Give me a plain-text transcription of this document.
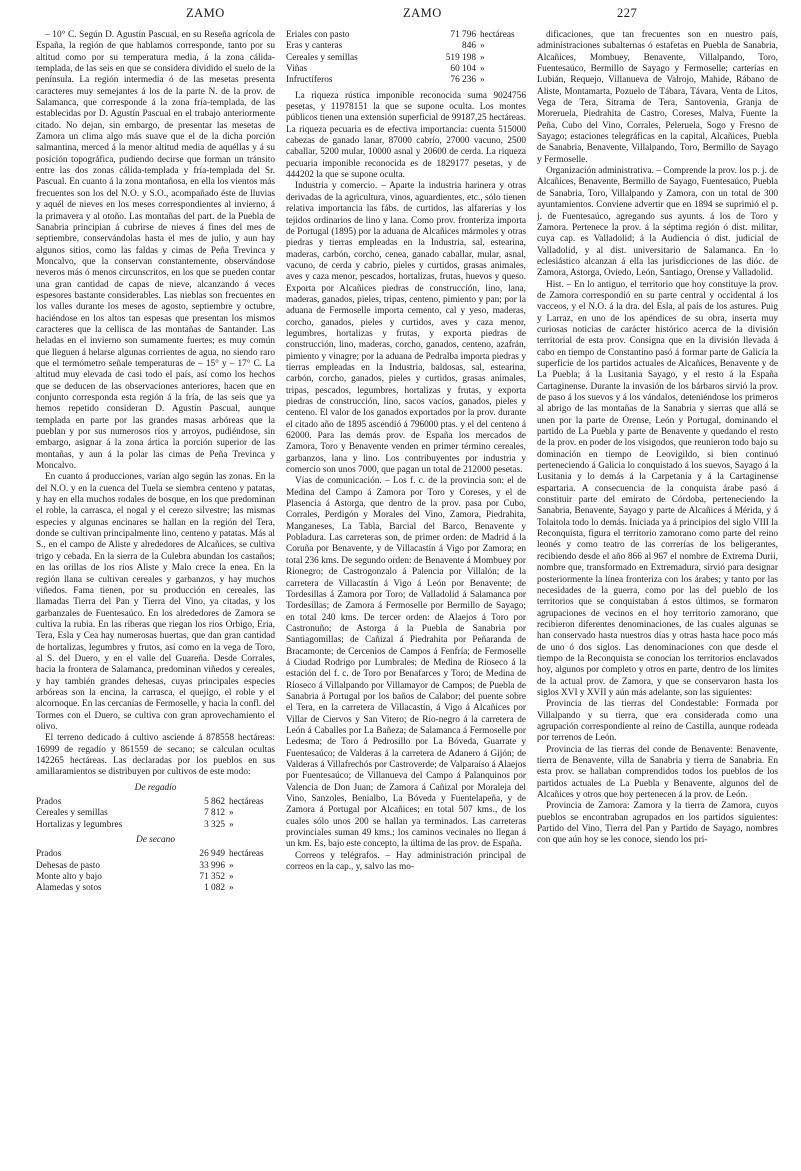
ZAMO	ZAMO	227

– 10° C. Según D. Agustín Pascual, en su Reseña agrícola de España, la región de que hablamos corresponde, tanto por su altitud como por su temperatura media, á la zona cálida-templada, de las seis en que se considera dividido el suelo de la península. La región intermedia ó de las mesetas presenta caracteres muy semejantes á los de la parte N. de la prov. de Salamanca, que corresponde á la zona fría-templada, de las establecidas por D. Agustín Pascual en el trabajo anteriormente citado. No dejan, sin embargo, de presentar las mesetas de Zamora un clima algo más suave que el de la dicha porción salmantina, merced á la menor altitud media de aquéllas y á su posición topográfica, pudiendo decirse que forman un tránsito entre las dos zonas cálida-templada y fría-templada del Sr. Pascual. En cuanto á la zona montañosa, en ella los vientos más frecuentes son los del N.O. y S.O., acompañado éste de lluvias y aquél de nieves en los meses correspondientes al invierno, á la primavera y al otoño. Las montañas del part. de la Puebla de Sanabria principian á cubrirse de nieves á fines del mes de septiembre, conservándolas hasta el mes de julio, y aun hay algunos sitios, como las faldas y cimas de Peña Trevinca y Moncalvo, que la conservan constantemente, observándose neveros más ó menos circunscritos, en los que se pueden contar una gran cantidad de capas de nieve, alcanzando á veces espesores bastante considerables. Las nieblas son frecuentes en los valles durante los meses de agosto, septiembre y octubre, haciéndose en los altos tan espesas que presentan los mismos caracteres que la cellisca de las montañas de Santander. Las heladas en el invierno son sumamente fuertes; es muy común que lleguen á helarse algunas corrientes de agua, no siendo raro que el termómetro señale temperaturas de – 15° y – 17° C. La altitud muy elevada de casi todo el país, así como los hechos que se deducen de las observaciones anteriores, hacen que en conjunto corresponda esta región á la fría, de las seis que ya hemos repetido consideran D. Agustín Pascual, aunque templada en parte por las grandes masas arbóreas que la pueblan y por sus numerosos ríos y arroyos, pudiéndose, sin embargo, asignar á la zona ártica la porción superior de las montañas, y aun á la polar las cimas de Peña Trevinca y Moncalvo.

En cuanto á producciones, varían algo según las zonas. En la del N.O. y en la cuenca del Tuela se siembra centeno y patatas, y hay en ella muchos rodales de bosque, en los que predominan el roble, la carrasca, el nogal y el cerezo silvestre; las mismas especies y algunas encinares se hallan en la región del Tera, donde se cultivan principalmente lino, centeno y patatas. Más al S., en el campo de Aliste y alrededores de Alcañices, se cultiva trigo y cebada. En la sierra de la Culebra abundan los castaños; en las orillas de los ríos Aliste y Malo crece la enea. En la región llana se cultivan cereales y garbanzos, y hay muchos viñedos. Fama tienen, por su producción en cereales, las llamadas Tierra del Pan y Tierra del Vino, ya citadas, y los garbanzales de Fuentesaúco. En los alrededores de Zamora se cultiva la rubia. En las riberas que riegan los ríos Orbigo, Eria, Tera, Esla y Cea hay numerosas huertas, que dan gran cantidad de hortalizas, legumbres y frutos, así como en la vega de Toro, al S. del Duero, y en el valle del Guareña. Desde Corrales, hacia la frontera de Salamanca, predominan viñedos y cereales, y hay también grandes dehesas, cuyas principales especies arbóreas son la encina, la carrasca, el quejigo, el roble y el alcornoque. En las cercanías de Fermoselle, y hacia la confl. del Tormes con el Duero, se cultiva con gran aprovechamiento el olivo.

El terreno dedicado á cultivo asciende á 878558 hectáreas: 16999 de regadío y 861559 de secano; se calculan ocultas 142265 hectáreas. Las declaradas por los pueblos en sus amillaramientos se distribuyen por cultivos de este modo:

De regadío
Prados	5 862	hectáreas
Cereales y semillas	7 812	»
Hortalizas y legumbres	3 325	»
De secano
Prados	26 949	hectáreas
Dehesas de pasto	33 996	»
Monte alto y bajo	71 352	»
Alamedas y sotos	1 082	»
Eriales con pasto	71 796	hectáreas
Eras y canteras	846	»
Cereales y semillas	519 198	»
Viñas	60 104	»
Infructíferos	76 236	»

La riqueza rústica imponible reconocida suma 9024756 pesetas, y 11978151 la que se supone oculta. Los montes públicos tienen una extensión superficial de 99187,25 hectáreas. La riqueza pecuaria es de efectiva importancia: cuenta 515000 cabezas de ganado lanar, 87000 cabrío, 27000 vacuno, 2500 caballar, 5200 mular, 10000 asnal y 20600 de cerda. La riqueza pecuaria imponible reconocida es de 1829177 pesetas, y de 444202 la que se supone oculta.

Industria y comercio. – Aparte la industria harinera y otras derivadas de la agricultura, vinos, aguardientes, etc., sólo tienen relativa importancia las fábs. de curtidos, las alfarerías y los tejidos ordinarios de lino y lana. Como prov. fronteriza importa de Portugal (1895) por la aduana de Alcañices mármoles y otras piedras y tierras empleadas en la Industria, sal, estearina, maderas, carbón, corcho, cenea, ganado caballar, mular, asnal, vacuno, de cerda y cabrío, pieles y curtidos, grasas animales, aves y caza menor, pescados, hortalizas, frutas, huevos y queso. Exporta por Alcañices piedras de construcción, lino, lana, maderas, ganados, pieles, tripas, centeno, pimiento y pan; por la aduana de Fermoselle importa cemento, cal y yeso, maderas, corcho, ganados, pieles y curtidos, aves y caza menor, legumbres, hortalizas y frutas, y exporta piedras de construcción, lino, maderas, corcho, ganados, centeno, azafrán, pimiento y vinagre; por la aduana de Pedralba importa piedras y tierras empleadas en la Industria, baldosas, sal, estearina, carbón, corcho, ganados, pieles y curtidos, grasas animales, tripas, pescados, legumbres, hortalizas y frutas, y exporta piedras de construcción, lino, sacos vacíos, ganados, pieles y centeno. El valor de los ganados exportados por la prov. durante el citado año de 1895 ascendió á 796000 ptas. y el del centeno á 62000. Para las demás prov. de España los mercados de Zamora, Toro y Benavente venden en primer término cereales, garbanzos, lana y lino. Los contribuyentes por industria y comercio son unos 7000, que pagan un total de 212000 pesetas.

Vías de comunicación. – Los f. c. de la provincia son: el de Medina del Campo á Zamora por Toro y Coreses, y el de Plasencia á Astorga, que dentro de la prov. pasa por Cubo, Corrales, Perdigón y Morales del Vino, Zamora, Piedrahita, Manganeses, La Tabla, Barcial del Barco, Benavente y Pobladura. Las carreteras son, de primer orden: de Madrid á la Coruña por Benavente, y de Villacastín á Vigo por Zamora; en total 236 kms. De segundo orden: de Benavente á Mombuey por Rionegro; de Castrogonzalo á Palencia por Villalón; de la carretera de Villacastín á Vigo á León por Benavente; de Tordesillas á Zamora por Toro; de Valladolid á Salamanca por Tordesillas; de Zamora á Fermoselle por Bermillo de Sayago; en total 240 kms. De tercer orden: de Alaejos á Toro por Castronuño; de Astorga á la Puebla de Sanabria por Santiagomillas; de Cañizal á Piedrahita por Peñaranda de Bracamonte; de Cercenios de Campos á Fenfría; de Fermoselle á Ciudad Rodrigo por Lumbrales; de Medina de Rioseco á la estación del f. c. de Toro por Benafarces y Toro; de Medina de Rioseco á Villalpando por Villamayor de Campos; de Puebla de Sanabria á Portugal por los baños de Calabor; del puente sobre el Tera, en la carretera de Villacastín, á Vigo á Alcañices por Villar de Ciervos y San Vitero; de Río-negro á la carretera de León á Caballes por La Bañeza; de Salamanca á Fermoselle por Ledesma; de Toro á Pedrosillo por La Bóveda, Guarrate y Fuentesaúco; de Valderas á la carretera de Adanero á Gijón; de Valderas á Villafrechós por Castroverde; de Valparaíso á Alaejos por Fuentesaúco; de Villanueva del Campo á Palanquinos por Valencia de Don Juan; de Zamora á Cañizal por Moraleja del Vino, Sanzoles, Benialbo, La Bóveda y Fuentelapeña, y de Zamora á Portugal por Alcañices; en total 507 kms., de los cuales sólo unos 200 se hallan ya terminados. Las carreteras provinciales suman 49 kms.; los caminos vecinales no llegan á un km. Es, bajo este concepto, la última de las prov. de España.

Correos y telégrafos. – Hay administración principal de correos en la cap., y, salvo las mo-

dificaciones, que tan frecuentes son en nuestro país, administraciones subalternas ó estafetas en Puebla de Sanabria, Alcañices, Mombuey, Benavente, Villalpando, Toro, Fuentesaúco, Bermillo de Sayago y Fermoselle; carterías en Lubián, Requejo, Villanueva de Valrojo, Mahide, Rábano de Aliste, Montamarta, Pozuelo de Tábara, Távara, Venta de Litos, Vega de Tera, Sitrama de Tera, Santovenia, Granja de Moreruela, Piedrahita de Castro, Coreses, Malva, Fuente la Peña, Cubo del Vino, Corrales, Peleruela, Sogo y Fresno de Sayago; estaciones telegráficas en la capital, Alcañices, Puebla de Sanabria, Benavente, Villalpando, Toro, Bermillo de Sayago y Fermoselle.

Organización administrativa. – Comprende la prov. los p. j. de Alcañices, Benavente, Bermillo de Sayago, Fuentesaúco, Puebla de Sanabria, Toro, Villalpando y Zamora, con un total de 300 ayuntamientos. Conviene advertir que en 1894 se suprimió el p. j. de Fuentesaúco, agregando sus ayunts. á los de Toro y Zamora. Pertenece la prov. á la séptima región ó dist. militar, cuya cap. es Valladolid; á la Audiencia ó dist. judicial de Valladolid, y al dist. universitario de Salamanca. En lo eclesiástico alcanzan á ella las jurisdicciones de las dióc. de Zamora, Astorga, Oviedo, León, Santiago, Orense y Valladolid.

Hist. – En lo antiguo, el territorio que hoy constituye la prov. de Zamora correspondió en su parte central y occidental á los vacceos, y el N.O. á la dra. del Esla, al país de los astures. Puig y Larraz, en uno de los apéndices de su obra, inserta muy curiosas noticias de carácter histórico acerca de la división territorial de esta prov. Consigna que en la división llevada á cabo en tiempo de Constantino pasó á formar parte de Galicia la superficie de los partidos actuales de Alcañices, Benavente y de La Puebla; á la Lusitania Sayago, y el resto á la España Cartaginense. Durante la invasión de los bárbaros sirvió la prov. de paso á los suevos y á los vándalos, deteniéndose los primeros al abrigo de las montañas de la Sanabria y sierras que allá se unen por la parte de Orense, León y Portugal, dominando el partido de La Puebla y parte de Benavente y quedando el resto de la prov. en poder de los visigodos, que reunieron todo bajo su dominación en tiempo de Leovigildo, si bien continuó perteneciendo á Galicia lo conquistado á los suevos, Sayago á la Lusitania y lo demás á la Carpetania y á la Cartaginense espartaria. A consecuencia de la conquista árabe pasó á constituir parte del emirato de Córdoba, perteneciendo la Sanabria, Benavente, Sayago y parte de Alcañices á Mérida, y á Tolaitola todo lo demás. Iniciada ya á principios del siglo VIII la Reconquista, figura el territorio zamorano como parte del reino leonés y como teatro de las correrías de los beligerantes, recibiendo desde el año 866 al 967 el nombre de Extrema Durii, nombre que, transformado en Extremadura, sirvió para designar posteriormente la línea fronteriza con los árabes; y tanto por las necesidades de la guerra, como por las del pueblo de los territorios que se conquistaban á estos últimos, se formaron agrupaciones de vecinos en el hoy territorio zamorano, que recibieron diferentes denominaciones, de las cuales algunas se han conservado hasta nuestros días y otras hasta hace poco más de uno ó dos siglos. Las denominaciones con que desde el tiempo de la Reconquista se conocían los territorios enclavados hoy, algunos por completo y otros en parte, dentro de los límites de la actual prov. de Zamora, y que se conservaron hasta los siglos XVI y XVII y aún más adelante, son las siguientes:

Provincia de las tierras del Condestable: Formada por Villalpando y su tierra, que era considerada como una agrupación correspondiente al reino de Castilla, aunque rodeada por terrenos de León.

Provincia de las tierras del conde de Benavente: Benavente, tierra de Benavente, villa de Sanabria y tierra de Sanabria. En esta prov. se hallaban comprendidos todos los pueblos de los partidos actuales de La Puebla y Benavente, algunos del de Alcañices y otros que hoy pertenecen á la prov. de León.

Provincia de Zamora: Zamora y la tierra de Zamora, cuyos pueblos se encontraban agrupados en los partidos siguientes: Partido del Vino, Tierra del Pan y Partido de Sayago, nombres con que aún hoy se les conoce, siendo los pri-
